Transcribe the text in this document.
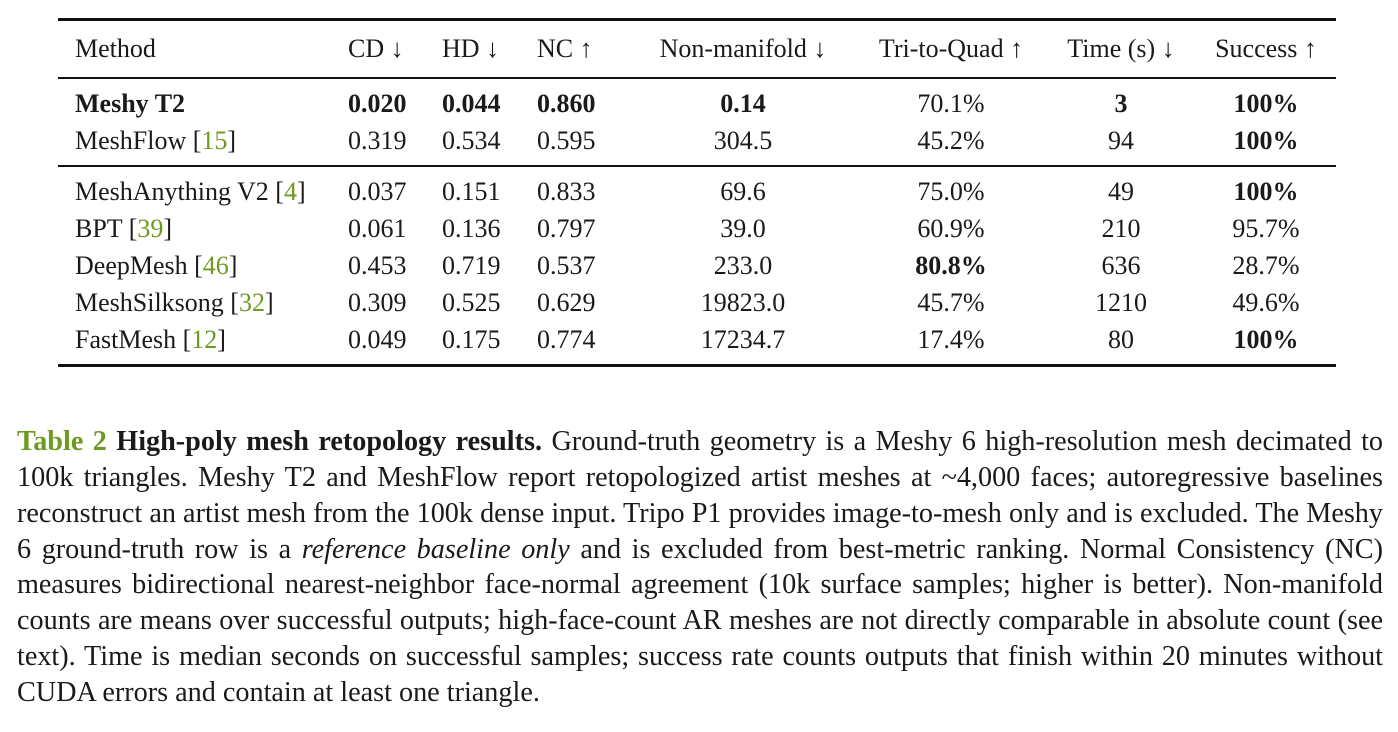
Method	CD ↓	HD ↓	NC ↑	Non-manifold ↓	Tri-to-Quad ↑	Time (s) ↓	Success ↑
Meshy T2	0.020	0.044	0.860	0.14	70.1%	3	100%
MeshFlow [15]	0.319	0.534	0.595	304.5	45.2%	94	100%
MeshAnything V2 [4]	0.037	0.151	0.833	69.6	75.0%	49	100%
BPT [39]	0.061	0.136	0.797	39.0	60.9%	210	95.7%
DeepMesh [46]	0.453	0.719	0.537	233.0	80.8%	636	28.7%
MeshSilksong [32]	0.309	0.525	0.629	19823.0	45.7%	1210	49.6%
FastMesh [12]	0.049	0.175	0.774	17234.7	17.4%	80	100%

Table 2 High-poly mesh retopology results. Ground-truth geometry is a Meshy 6 high-resolution mesh decimated to 100k triangles. Meshy T2 and MeshFlow report retopologized artist meshes at ~4,000 faces; autoregressive baselines reconstruct an artist mesh from the 100k dense input. Tripo P1 provides image-to-mesh only and is excluded. The Meshy 6 ground-truth row is a reference baseline only and is excluded from best-metric ranking. Normal Consistency (NC) measures bidirectional nearest-neighbor face-normal agreement (10k surface samples; higher is better). Non-manifold counts are means over successful outputs; high-face-count AR meshes are not directly comparable in absolute count (see text). Time is median seconds on successful samples; success rate counts outputs that finish within 20 minutes without CUDA errors and contain at least one triangle.
